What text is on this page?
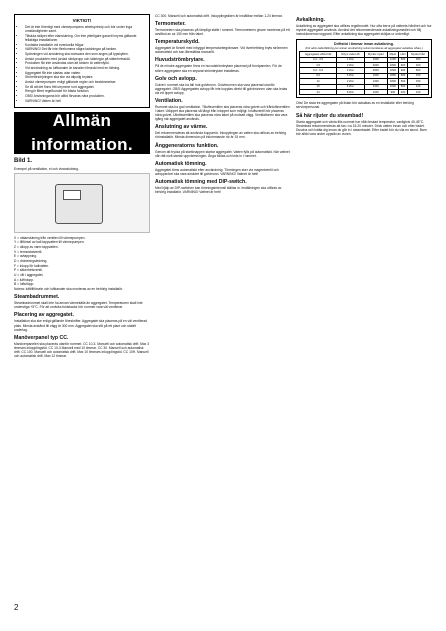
VIKTIGT!
• Det är inte förenligt med värmepumpens arbetsprincip och bör under inga omständigheter samt.
• Tillsluta skåpet efter elanslutning. Om inte ytterligare garanti inryms gällande fellaktiga installationer.
• Kontakta installatör vid eventuella frågor.
• VARNING! Det får inte förekomma några laddningar på tanken.
• Spänningen vid anslutning ska motsvara den som anges på typskylten.
• Anslut produkten med jordad stickpropp och säkringar på säkerhetsskäl.
• Produkten får inte användas utan att tanken är vattenfylld.
• Vid användning av luftkanaler är kanalen försedd med en tätning.
• Aggregatet får inte startas utan vatten.
• Strömförsörjningen ska ske via allpolig brytare.
• Anslut värmepumpen enligt gällande regler och bestämmelser.
• Se till att det finns fritt utrymme runt aggregatet.
• Rengör filtret regelbundet för bästa funktion.
• OBS! Anvisningarna bör alltid förvaras nära produkten.
• VARNING! Vatten är het!
Allmän information.
Bild 1.
Exempel på ventilation, el och vinanslutning.
X = nätanslutning från ventilen till värmepumpen.
Y = tillförsel av kall tappvatten till värmepumpen.
Z = utlopp av varm tappvatten.
V = termostatventil.
E = avtappning.
D = dräneringsledning.
F = inlopp för kallvatten.
P = säkerhetsventil.
U = vilt i aggregatet.
A = luftinlopp.
B = luftutlopp.
Notera: lufttillförseln och luftkanaler ska monteras av en behörig installatör.
Steambadrummet.

Steambadrummet skall inte ha annan värmekälla än aggregatet. Temperaturen skall inte understiga +5°C. För att undvika fuktskador bör rummet vara väl ventilerat.

Placering av aggregatet.

Installation ska ske enligt gällande föreskrifter. Aggregatet ska placeras på en väl ventilerad plats. Minsta avstånd till vägg är 300 mm. Aggregatet ska stå på ett plant och stabilt underlag.

Manöverpanel typ CC.

Manöverpanelen ska placeras utanför rummet. CC 10-3. Manuell och automatisk drift. Max 3 timmars inkopplingstid. CC 10-3 Manuell med 10 timmar. CC 30. Manuell och automatisk drift. CC 100. Manuell och automatisk drift. Max 10 timmars inkopplingstid. CC 10H. Manuell och automatisk drift. Max 12 timmar.

CC 300. Manuell och automatisk drift. Inkopplingstiden är inställbar mellan 1-24 timmar.

Termometer.

Termometern ska placeras på lämpligt ställe i rummet. Termometerns givare monteras på ett avstånd av ca 150 mm från taket.

Temperaturskydd.

Aggregatet är försett med inbyggd temperaturbegränsare. Vid överhettning bryts strömmen automatiskt och kan återställas manuellt.

Huvudströmbrytare.

På de mindre aggregaten finns en huvudströmbrytare placerad på frontpanelen. För de större aggregaten ska en separat strömbrytare installeras.

Golv och avlopp.

Golvet i rummet ska ha fall mot golvbrunn. Golvbrunnen ska vara placerad utanför aggregatet. OBS! Aggregatets avlopp får inte kopplas direkt till golvbrunnen utan ska ledas via ett öppet avlopp.

Ventilation.

Rummet ska ha god ventilation. Tilluftsventilen ska placeras nära golvet och frånluftsventilen i taket. Utloppet ska placeras så långt från inloppet som möjligt. Inluftsventil bör placeras nära golvet. Utluftsventilen ska placeras nära taket på motsatt vägg. Ventilationen ska vara igång när aggregatet används.

Anslutning av värme.

Det rekommenderas att använda kopparrör. Inkopplingen av vatten ska utföras av behörig rörinstallatör. Minsta dimension på inkommande rör är 15 mm.

Änggeneratorns funktion.

Genom att trycka på startknappen startar aggregatet. Vatten fylls på automatiskt. När vattnet når rätt nivå startar uppvärmningen. Ånga bildas och leds in i rummet.

Automatisk tömning.

Aggregatet töms automatiskt efter användning. Tömningen sker via magnetventil och avloppsröret ska vara anslutet till golvbrunn. VARNING! Vattnet är hett!

Automatisk tömning med DIP-switch.

Med hjälp av DIP-switchen kan tömningsintervall ställas in. Inställningen ska utföras av behörig installatör. VARNING! Vattnet är hett!

Avkalkning.

Avkalkning av aggregatet ska utföras regelbundet. Hur ofta beror på vattnets hårdhet och hur mycket aggregatet används. Använd det rekommenderade avkalkningsmedlet och följ instruktionerna noggrant. Efter avkalkning ska aggregatet sköljas ur ordentligt.

Driftstid i timmar innan avkalkning.
(För aktiv kalkutfällning per annan användning rekommenderas att aggregatet avkalkas oftare.)
Aggregatets effekt kW	Volym vatten l/h	Mycket mjukt	Mjukt	Hårt	Mycket hårt
2,2 - 3,5	1 l/tim	1000	1200	600	300
4,5	2 l/tim	2000	1800	900	400
6,0 - 6,6	3 l/tim	2600	1800	900	500
9,0	5 l/tim	1600	1800	600	150
12	2 l/tim	1300	1800	600	150
15	6 l/tim	1300	1600	500	120
24	8 l/tim	1200	900	400	100

Obs! De sista tre aggregaten på listan bör avkalkas av en installatör eller behörig servicepersonal.

Så här rijuter du steambad!

Starta aggregatet och vänta tills rummet har nått önskad temperatur, vanligtvis 40-45°C. Steambad rekommenderas att tas i ca 15-20 minuter. Drick vatten innan och efter badet. Duscha och tvätta dig innan du går in i steambadet. Efter badet bör du vila en stund. Barn bör alltid vara under uppsikt av vuxen.

2
